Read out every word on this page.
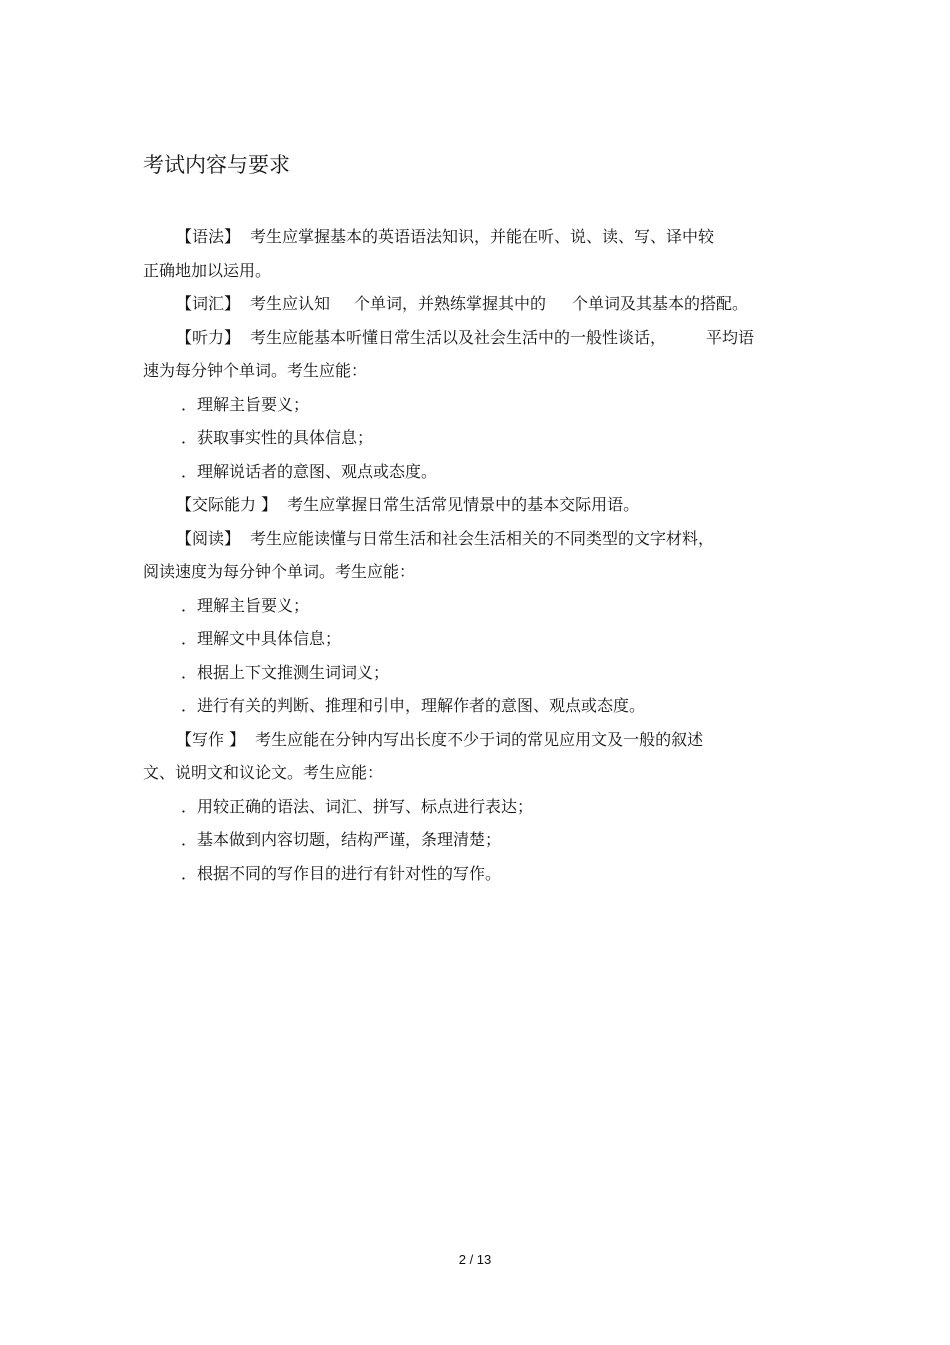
考试内容与要求
【语法】 考生应掌握基本的英语语法知识，并能在听、说、读、写、译中较
正确地加以运用。
【词汇】 考生应认知 个单词，并熟练掌握其中的 个单词及其基本的搭配。
【听力】 考生应能基本听懂日常生活以及社会生活中的一般性谈话，	平均语
速为每分钟个单词。考生应能：
．理解主旨要义；
．获取事实性的具体信息；
．理解说话者的意图、观点或态度。
【交际能力 】 考生应掌握日常生活常见情景中的基本交际用语。
【阅读】 考生应能读懂与日常生活和社会生活相关的不同类型的文字材料，
阅读速度为每分钟个单词。考生应能：
．理解主旨要义；
．理解文中具体信息；
．根据上下文推测生词词义；
．进行有关的判断、推理和引申，理解作者的意图、观点或态度。
【写作 】 考生应能在分钟内写出长度不少于词的常见应用文及一般的叙述
文、说明文和议论文。考生应能：
．用较正确的语法、词汇、拼写、标点进行表达；
．基本做到内容切题，结构严谨，条理清楚；
．根据不同的写作目的进行有针对性的写作。
2 / 13
